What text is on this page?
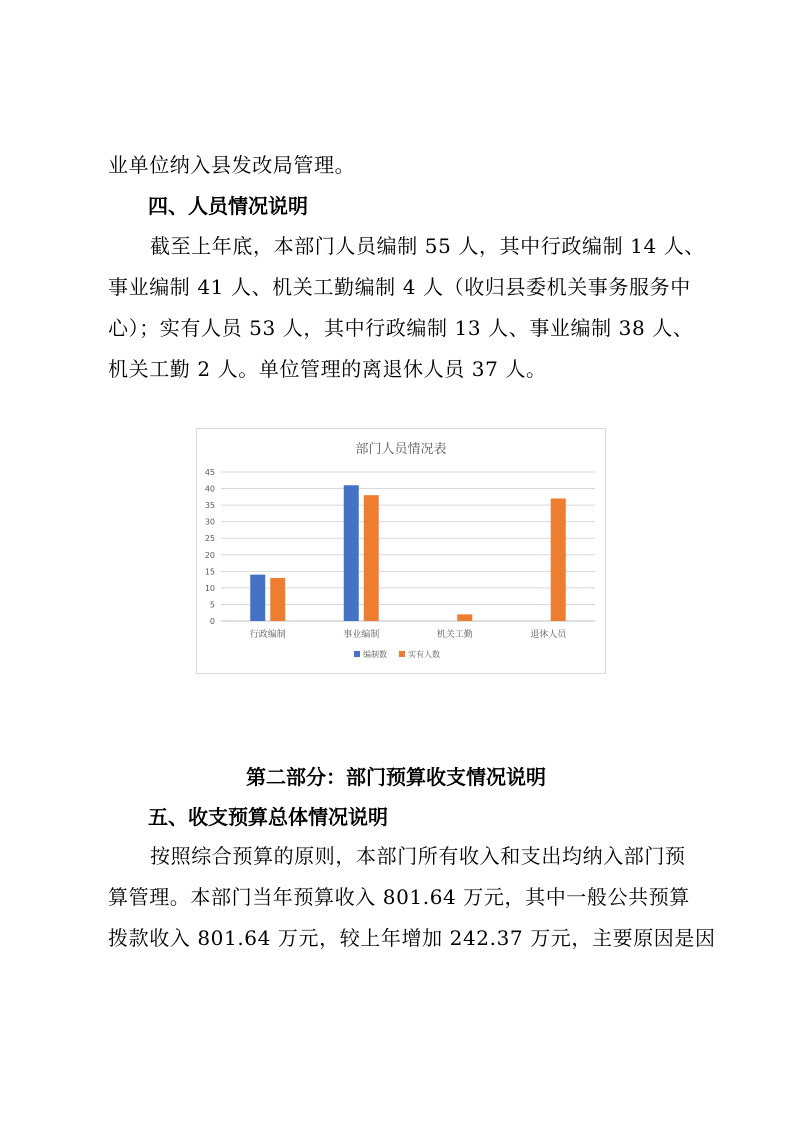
业单位纳入县发改局管理。

四、人员情况说明

截至上年底，本部门人员编制 55 人，其中行政编制 14 人、
事业编制 41 人、机关工勤编制 4 人（收归县委机关事务服务中
心）；实有人员 53 人，其中行政编制 13 人、事业编制 38 人、
机关工勤 2 人。单位管理的离退休人员 37 人。

部门人员情况表
45
40
35
30
25
20
15
10
5
0
行政编制	事业编制	机关工勤	退休人员
编制数	实有人数
第二部分：部门预算收支情况说明
五、收支预算总体情况说明

按照综合预算的原则，本部门所有收入和支出均纳入部门预
算管理。本部门当年预算收入 801.64 万元，其中一般公共预算
拨款收入 801.64 万元，较上年增加 242.37 万元，主要原因是因
